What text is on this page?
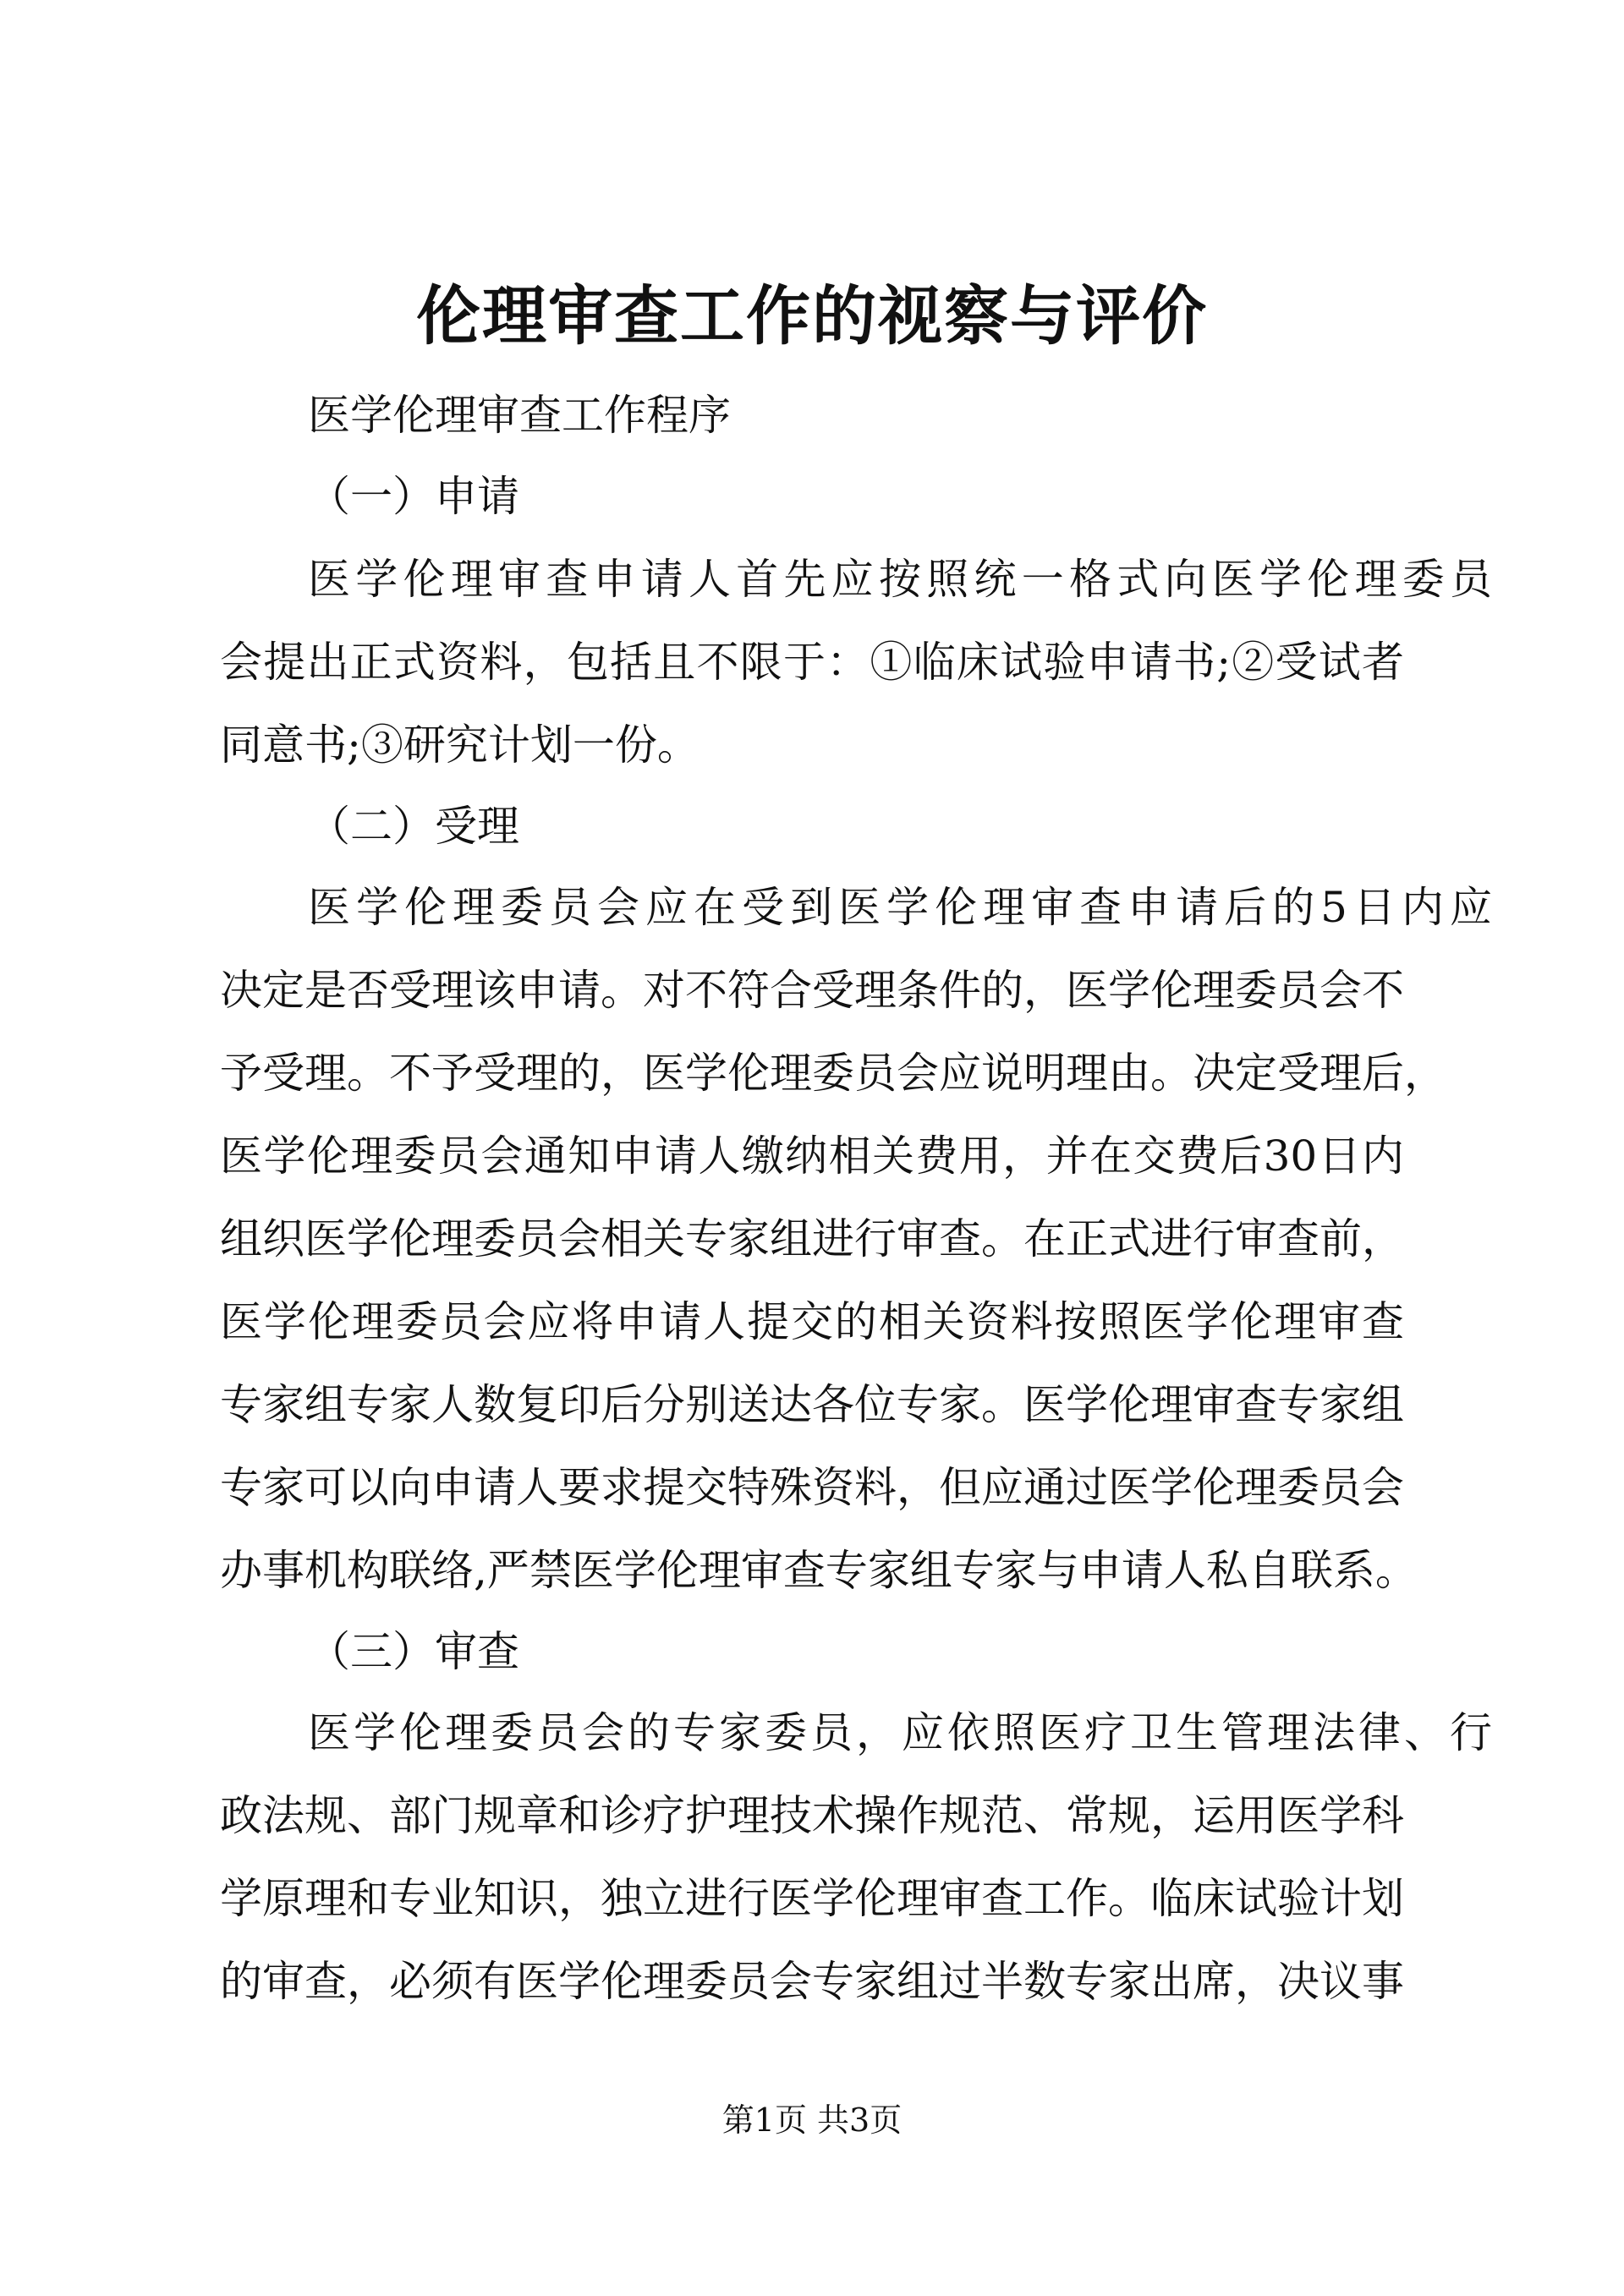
伦理审查工作的视察与评价

医学伦理审查工作程序

（一）申请

医学伦理审查申请人首先应按照统一格式向医学伦理委员

会提出正式资料，包括且不限于：①临床试验申请书;②受试者

同意书;③研究计划一份。

（二）受理

医学伦理委员会应在受到医学伦理审查申请后的5日内应

决定是否受理该申请。对不符合受理条件的，医学伦理委员会不

予受理。不予受理的，医学伦理委员会应说明理由。决定受理后，

医学伦理委员会通知申请人缴纳相关费用，并在交费后30日内

组织医学伦理委员会相关专家组进行审查。在正式进行审查前，

医学伦理委员会应将申请人提交的相关资料按照医学伦理审查

专家组专家人数复印后分别送达各位专家。医学伦理审查专家组

专家可以向申请人要求提交特殊资料，但应通过医学伦理委员会

办事机构联络,严禁医学伦理审查专家组专家与申请人私自联系。

（三）审查

医学伦理委员会的专家委员，应依照医疗卫生管理法律、行

政法规、部门规章和诊疗护理技术操作规范、常规，运用医学科

学原理和专业知识，独立进行医学伦理审查工作。临床试验计划

的审查，必须有医学伦理委员会专家组过半数专家出席，决议事

第1页 共3页
